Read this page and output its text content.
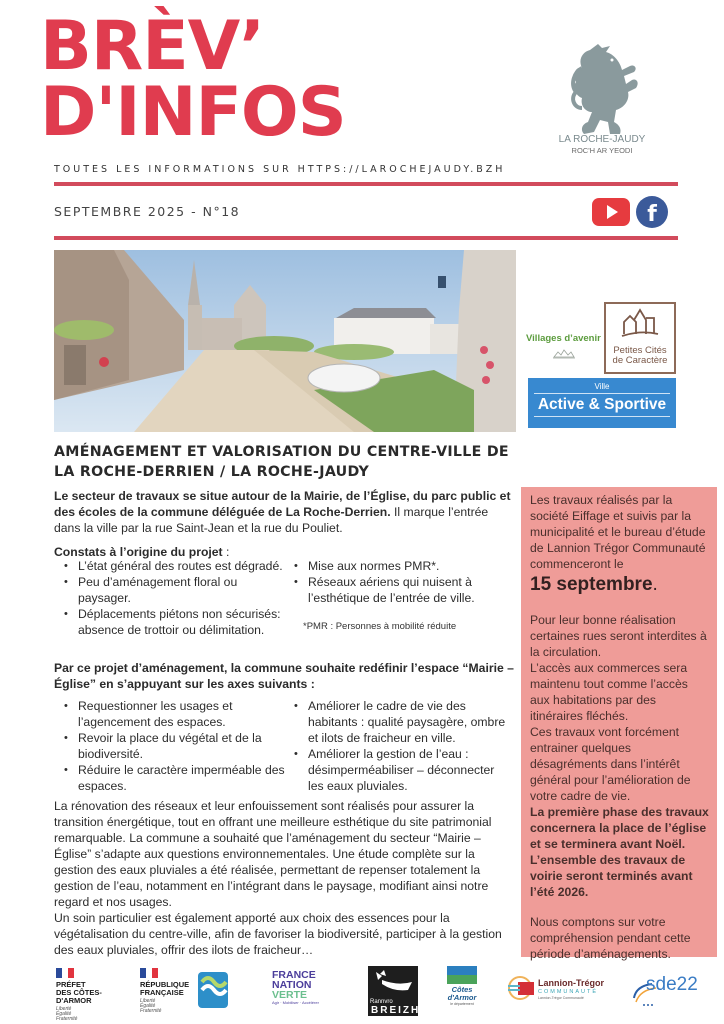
BRÈV’
D'INFOS	LA ROCHE-JAUDY
ROC'H AR YEODI
TOUTES LES INFORMATIONS SUR HTTPS://LAROCHEJAUDY.BZH
SEPTEMBRE 2025 - N°18	f
Villages d’avenir
Petites Cités
de Caractère
Ville
Active & Sportive
AMÉNAGEMENT ET VALORISATION DU CENTRE-VILLE DE LA ROCHE-DERRIEN / LA ROCHE-JAUDY
Le secteur de travaux se situe autour de la Mairie, de l’Église, du parc public et des écoles de la commune déléguée de La Roche-Derrien. Il marque l’entrée dans la ville par la rue Saint-Jean et la rue du Pouliet.
Constats à l’origine du projet :
• L’état général des routes est dégradé.
• Peu d’aménagement floral ou paysager.
• Déplacements piétons non sécurisés: absence de trottoir ou délimitation.
• Mise aux normes PMR*.
• Réseaux aériens qui nuisent à l’esthétique de l’entrée de ville.
*PMR : Personnes à mobilité réduite
Par ce projet d’aménagement, la commune souhaite redéfinir l’espace “Mairie – Église” en s’appuyant sur les axes suivants :
• Requestionner les usages et l’agencement des espaces.
• Revoir la place du végétal et de la biodiversité.
• Réduire le caractère imperméable des espaces.
• Améliorer le cadre de vie des habitants : qualité paysagère, ombre et ilots de fraicheur en ville.
• Améliorer la gestion de l’eau : désimperméabiliser – déconnecter les eaux pluviales.
La rénovation des réseaux et leur enfouissement sont réalisés pour assurer la transition énergétique, tout en offrant une meilleure esthétique du site patrimonial remarquable. La commune a souhaité que l’aménagement du secteur “Mairie – Église” s’adapte aux questions environnementales. Une étude complète sur la gestion des eaux pluviales a été réalisée, permettant de repenser totalement la gestion de l’eau, notamment en l’intégrant dans le paysage, modifiant ainsi notre regard et nos usages.
Un soin particulier est également apporté aux choix des essences pour la végétalisation du centre-ville, afin de favoriser la biodiversité, participer à la gestion des eaux pluviales, offrir des ilots de fraicheur…

Les travaux réalisés par la société Eiffage et suivis par la municipalité et le bureau d’étude de Lannion Trégor Communauté commenceront le

15 septembre.

Pour leur bonne réalisation certaines rues seront interdites à la circulation.

L’accès aux commerces sera maintenu tout comme l’accès aux habitations par des itinéraires fléchés.

Ces travaux vont forcément entrainer quelques désagréments dans l’intérêt général pour l’amélioration de votre cadre de vie.

La première phase des travaux concernera la place de l’église et se terminera avant Noël.

L’ensemble des travaux de voirie seront terminés avant l’été 2026.

Nous comptons sur votre compréhension pendant cette période d’aménagements.

PRÉFET
DES CÔTES-
D'ARMOR
Liberté Égalité Fraternité
RÉPUBLIQUE
FRANÇAISE
Liberté Égalité Fraternité
FRANCE
NATION
VERTE
Agir · Mobiliser · Accélérer	Rannvro
BREIZH
Côtes
d'Armor
le département
Lannion-Trégor
COMMUNAUTÉ
Lannion-Trégor Communauté
sde22
